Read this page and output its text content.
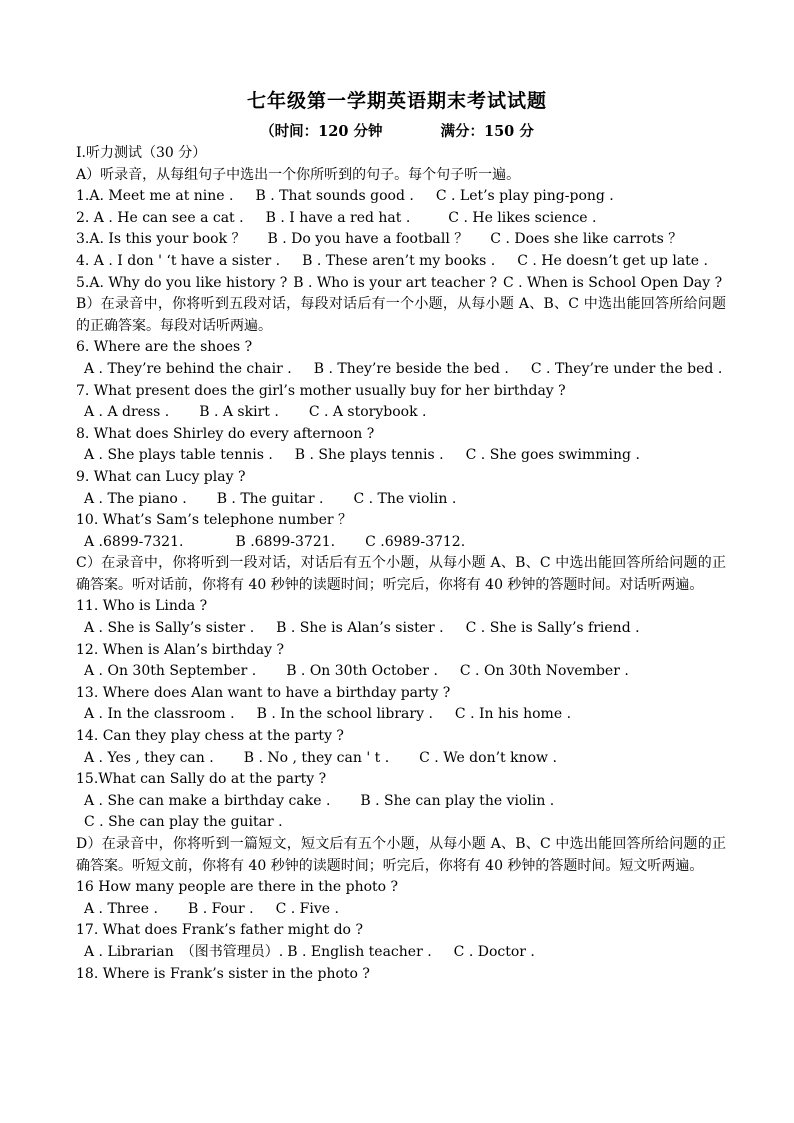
七年级第一学期英语期末考试试题
（时间：120 分钟	满分：150 分
I.听力测试（30 分）
A）听录音，从每组句子中选出一个你所听到的句子。每个句子听一遍。
1.A. Meet me at nine . B . That sounds good . C . Let’s play ping-pong .
2. A . He can see a cat . B . I have a red hat .	C . He likes science .
3.A. Is this your book ？ B . Do you have a football ？ C . Does she like carrots ？
4. A . I don ' ‘t have a sister . B . These aren’t my books . C . He doesn’t get up late .
5.A. Why do you like history ? B . Who is your art teacher ? C . When is School Open Day ?
B）在录音中，你将听到五段对话，每段对话后有一个小题，从每小题 A、B、C 中选出能回答所给问题的正确答案。每段对话听两遍。
6. Where are the shoes ?
A . They’re behind the chair . B . They’re beside the bed . C . They’re under the bed .
7. What present does the girl’s mother usually buy for her birthday ?
A . A dress . B . A skirt . C . A storybook .
8. What does Shirley do every afternoon ?
A . She plays table tennis . B . She plays tennis . C . She goes swimming .
9. What can Lucy play ?
A . The piano . B . The guitar . C . The violin .
10. What’s Sam’s telephone number ？
A .6899-7321.	B .6899-3721. C .6989-3712.
C）在录音中，你将听到一段对话，对话后有五个小题，从每小题 A、B、C 中选出能回答所给问题的正确答案。听对话前，你将有 40 秒钟的读题时间；听完后，你将有 40 秒钟的答题时间。对话听两遍。
11. Who is Linda ?
A . She is Sally’s sister . B . She is Alan’s sister . C . She is Sally’s friend .
12. When is Alan’s birthday ?
A . On 30th September . B . On 30th October . C . On 30th November .
13. Where does Alan want to have a birthday party ?
A . In the classroom . B . In the school library . C . In his home .
14. Can they play chess at the party ?
A . Yes , they can . B . No , they can ' t . C . We don’t know .
15.What can Sally do at the party ?
A . She can make a birthday cake . B . She can play the violin .
C . She can play the guitar .
D）在录音中，你将听到一篇短文，短文后有五个小题，从每小题 A、B、C 中选出能回答所给问题的正确答案。听短文前，你将有 40 秒钟的读题时间；听完后，你将有 40 秒钟的答题时间。短文听两遍。
16 How many people are there in the photo ?
A . Three . B . Four . C . Five .
17. What does Frank’s father might do ?
A . Librarian　（图书管理员）. B . English teacher . C . Doctor .
18. Where is Frank’s sister in the photo ?
